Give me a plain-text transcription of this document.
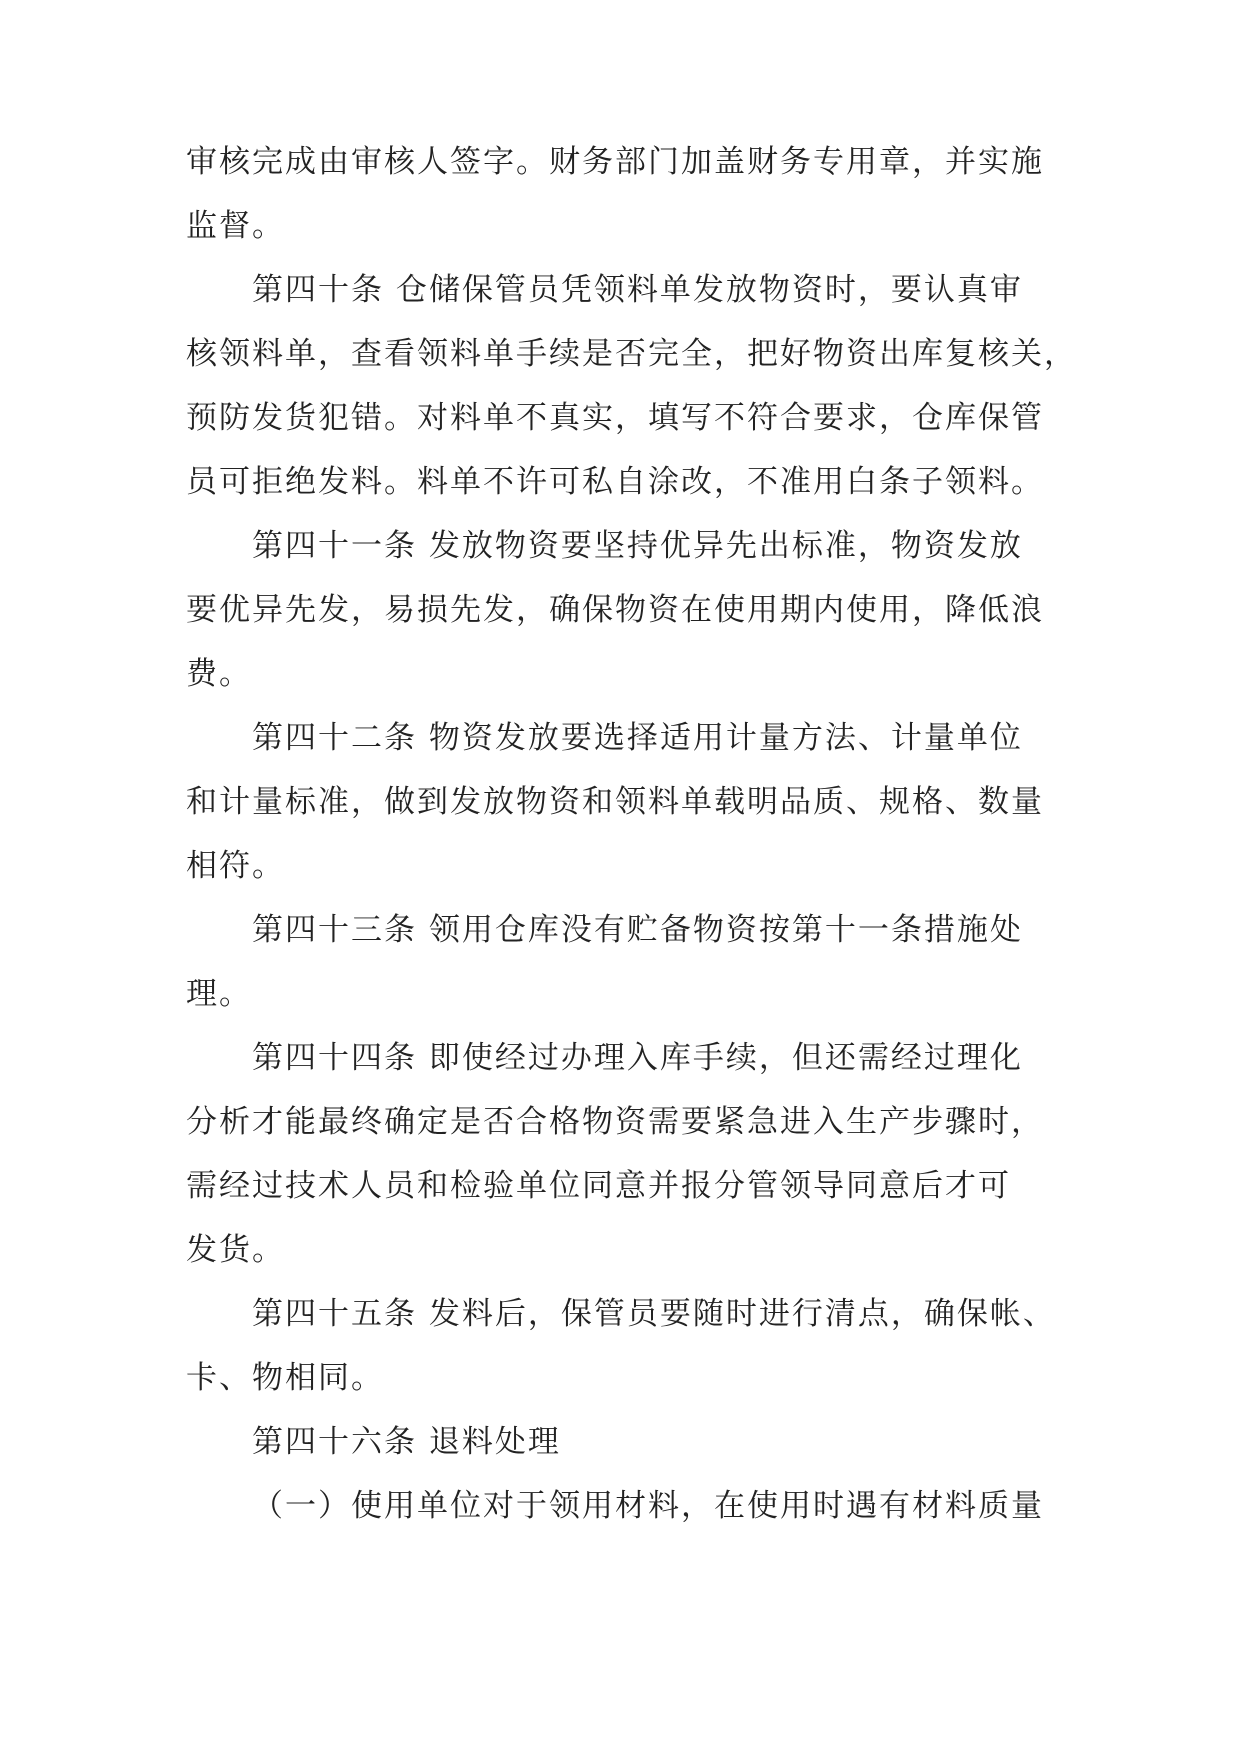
审核完成由审核人签字。财务部门加盖财务专用章，并实施
监督。
第四十条 仓储保管员凭领料单发放物资时，要认真审
核领料单，查看领料单手续是否完全，把好物资出库复核关，
预防发货犯错。对料单不真实，填写不符合要求，仓库保管
员可拒绝发料。料单不许可私自涂改，不准用白条子领料。
第四十一条 发放物资要坚持优异先出标准，物资发放
要优异先发，易损先发，确保物资在使用期内使用，降低浪
费。
第四十二条 物资发放要选择适用计量方法、计量单位
和计量标准，做到发放物资和领料单载明品质、规格、数量
相符。
第四十三条 领用仓库没有贮备物资按第十一条措施处
理。
第四十四条 即使经过办理入库手续，但还需经过理化
分析才能最终确定是否合格物资需要紧急进入生产步骤时，
需经过技术人员和检验单位同意并报分管领导同意后才可
发货。
第四十五条 发料后，保管员要随时进行清点，确保帐、
卡、物相同。
第四十六条 退料处理
（一）使用单位对于领用材料，在使用时遇有材料质量
